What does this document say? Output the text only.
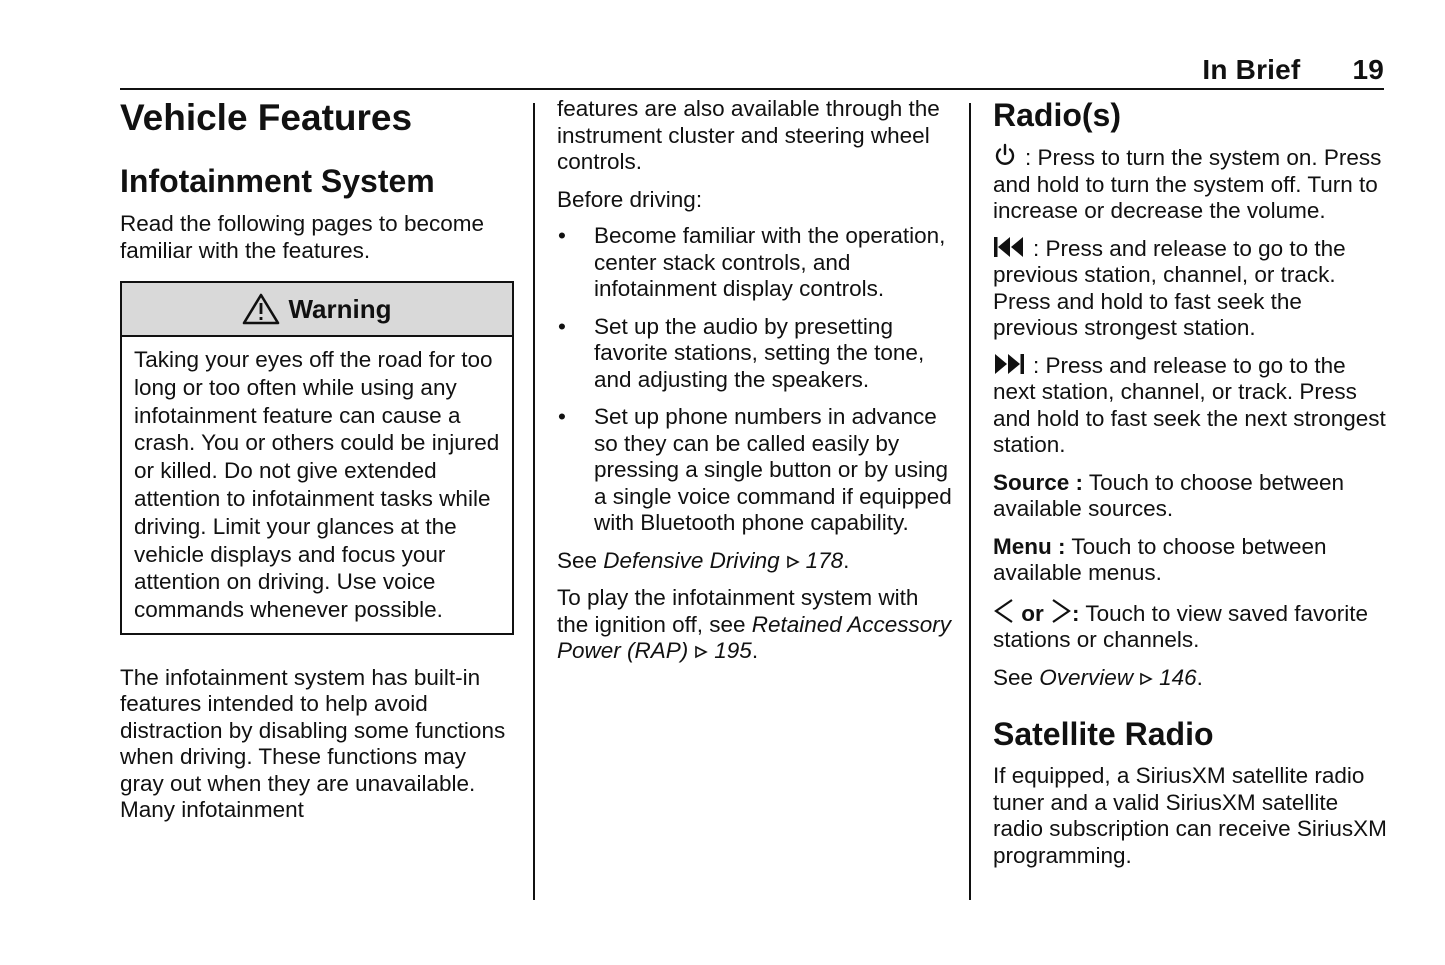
In Brief 19
Vehicle Features
Infotainment System

Read the following pages to become familiar with the features.

Warning

Taking your eyes off the road for too long or too often while using any infotainment feature can cause a crash. You or others could be injured or killed. Do not give extended attention to infotainment tasks while driving. Limit your glances at the vehicle displays and focus your attention on driving. Use voice commands whenever possible.

The infotainment system has built-in features intended to help avoid distraction by disabling some functions when driving. These functions may gray out when they are unavailable. Many infotainment

features are also available through the instrument cluster and steering wheel controls.

Before driving:

• Become familiar with the operation, center stack controls, and infotainment display controls.
• Set up the audio by presetting favorite stations, setting the tone, and adjusting the speakers.
• Set up phone numbers in advance so they can be called easily by pressing a single button or by using a single voice command if equipped with Bluetooth phone capability.

See Defensive Driving 178.

To play the infotainment system with the ignition off, see Retained Accessory Power (RAP) 195.

Radio(s)

: Press to turn the system on. Press and hold to turn the system off. Turn to increase or decrease the volume.

: Press and release to go to the previous station, channel, or track. Press and hold to fast seek the previous strongest station.

: Press and release to go to the next station, channel, or track. Press and hold to fast seek the next strongest station.

Source : Touch to choose between available sources.

Menu : Touch to choose between available menus.

or : Touch to view saved favorite stations or channels.

See Overview 146.

Satellite Radio

If equipped, a SiriusXM satellite radio tuner and a valid SiriusXM satellite radio subscription can receive SiriusXM programming.
